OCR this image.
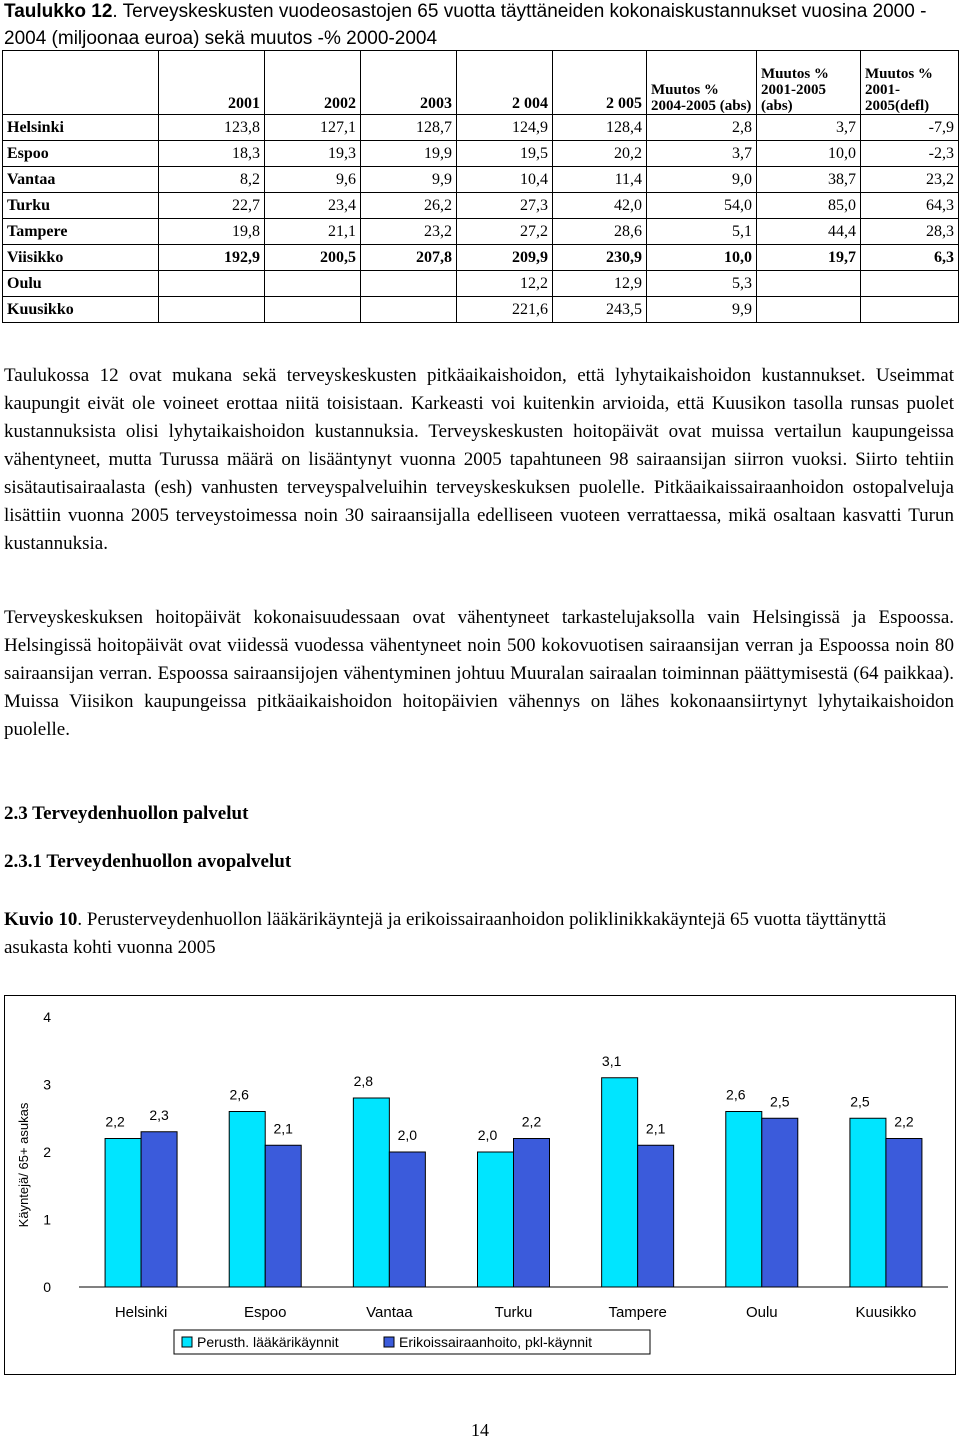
Taulukko 12. Terveyskeskusten vuodeosastojen 65 vuotta täyttäneiden kokonaiskustannukset vuosina 2000 - 2004 (miljoonaa euroa) sekä muutos -% 2000-2004
	2001	2002	2003	2 004	2 005	Muutos % 2004-2005 (abs)	Muutos % 2001-2005 (abs)	Muutos % 2001-2005(defl)
Helsinki	123,8	127,1	128,7	124,9	128,4	2,8	3,7	-7,9
Espoo	18,3	19,3	19,9	19,5	20,2	3,7	10,0	-2,3
Vantaa	8,2	9,6	9,9	10,4	11,4	9,0	38,7	23,2
Turku	22,7	23,4	26,2	27,3	42,0	54,0	85,0	64,3
Tampere	19,8	21,1	23,2	27,2	28,6	5,1	44,4	28,3
Viisikko	192,9	200,5	207,8	209,9	230,9	10,0	19,7	6,3
Oulu				12,2	12,9	5,3		
Kuusikko				221,6	243,5	9,9		

Taulukossa 12 ovat mukana sekä terveyskeskusten pitkäaikaishoidon, että lyhytaikaishoidon kustannukset. Useimmat kaupungit eivät ole voineet erottaa niitä toisistaan. Karkeasti voi kuitenkin arvioida, että Kuusikon tasolla runsas puolet kustannuksista olisi lyhytaikaishoidon kustannuksia. Terveyskeskusten hoitopäivät ovat muissa vertailun kaupungeissa vähentyneet, mutta Turussa määrä on lisääntynyt vuonna 2005 tapahtuneen 98 sairaansijan siirron vuoksi. Siirto tehtiin sisätautisairaalasta (esh) vanhusten terveyspalveluihin terveyskeskuksen puolelle. Pitkäaikaissairaanhoidon ostopalveluja lisättiin vuonna 2005 terveystoimessa noin 30 sairaansijalla edelliseen vuoteen verrattaessa, mikä osaltaan kasvatti Turun kustannuksia.

Terveyskeskuksen hoitopäivät kokonaisuudessaan ovat vähentyneet tarkastelujaksolla vain Helsingissä ja Espoossa. Helsingissä hoitopäivät ovat viidessä vuodessa vähentyneet noin 500 kokovuotisen sairaansijan verran ja Espoossa noin 80 sairaansijan verran. Espoossa sairaansijojen vähentyminen johtuu Muuralan sairaalan toiminnan päättymisestä (64 paikkaa). Muissa Viisikon kaupungeissa pitkäaikaishoidon hoitopäivien vähennys on lähes kokonaansiirtynyt lyhytaikaishoidon puolelle.

2.3 Terveydenhuollon palvelut

2.3.1 Terveydenhuollon avopalvelut

Kuvio 10. Perusterveydenhuollon lääkärikäyntejä ja erikoissairaanhoidon poliklinikkakäyntejä 65 vuotta täyttänyttä asukasta kohti vuonna 2005
Käyntejä/ 65+ asukas
0
1
2
3
4
2,2 2,3
Helsinki
2,6
2,1
Espoo
2,8
2,0
Vantaa
2,0
2,2
Turku
3,1
2,1
Tampere
2,6 2,5
Oulu
2,5
2,2
Kuusikko
Perusth. lääkärikäynnit	Erikoissairaanhoito, pkl-käynnit
14
